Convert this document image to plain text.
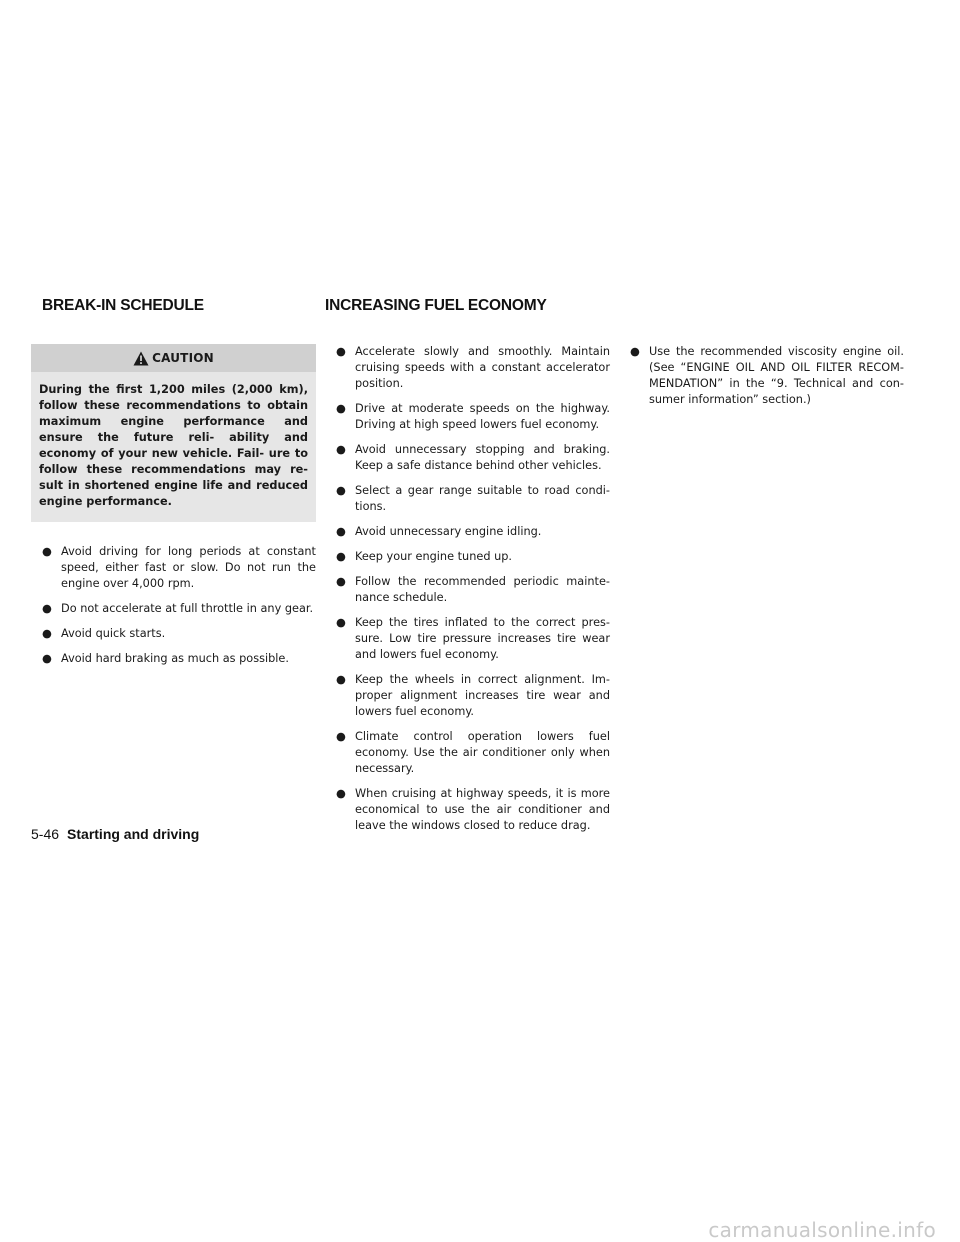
BREAK-IN SCHEDULE	INCREASING FUEL ECONOMY
CAUTION
During the first 1,200 miles (2,000 km), follow these recommendations to obtain maximum engine performance and ensure the future reli- ability and economy of your new vehicle. Fail- ure to follow these recommendations may re- sult in shortened engine life and reduced engine performance.
● Avoid driving for long periods at constant speed, either fast or slow. Do not run the engine over 4,000 rpm.
● Do not accelerate at full throttle in any gear.
● Avoid quick starts.
● Avoid hard braking as much as possible.
● Accelerate slowly and smoothly. Maintain cruising speeds with a constant accelerator position.
● Drive at moderate speeds on the highway. Driving at high speed lowers fuel economy.
● Avoid unnecessary stopping and braking. Keep a safe distance behind other vehicles.
● Select a gear range suitable to road condi- tions.
● Avoid unnecessary engine idling.
● Keep your engine tuned up.
● Follow the recommended periodic mainte- nance schedule.
● Keep the tires inflated to the correct pres- sure. Low tire pressure increases tire wear and lowers fuel economy.
● Keep the wheels in correct alignment. Im- proper alignment increases tire wear and lowers fuel economy.
● Climate control operation lowers fuel economy. Use the air conditioner only when necessary.
● When cruising at highway speeds, it is more economical to use the air conditioner and leave the windows closed to reduce drag.
● Use the recommended viscosity engine oil. (See “ENGINE OIL AND OIL FILTER RECOM- MENDATION” in the “9. Technical and con- sumer information” section.)
5-46 Starting and driving
carmanualsonline.info
